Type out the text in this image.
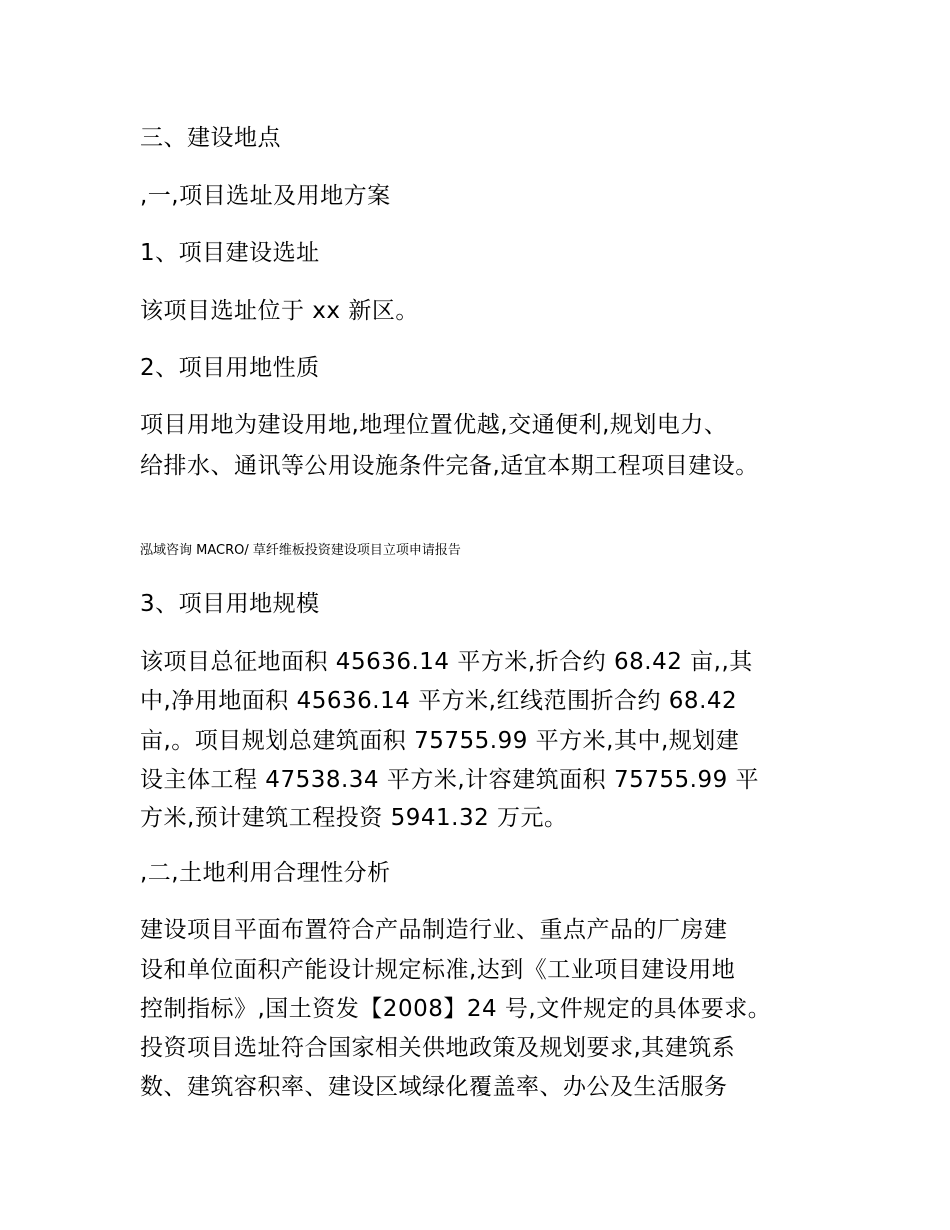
三、建设地点
,一,项目选址及用地方案
1、项目建设选址
该项目选址位于 xx 新区。
2、项目用地性质
项目用地为建设用地,地理位置优越,交通便利,规划电力、
给排水、通讯等公用设施条件完备,适宜本期工程项目建设。
泓域咨询 MACRO/ 草纤维板投资建设项目立项申请报告
3、项目用地规模
该项目总征地面积 45636.14 平方米,折合约 68.42 亩,,其
中,净用地面积 45636.14 平方米,红线范围折合约 68.42
亩,。项目规划总建筑面积 75755.99 平方米,其中,规划建
设主体工程 47538.34 平方米,计容建筑面积 75755.99 平
方米,预计建筑工程投资 5941.32 万元。
,二,土地利用合理性分析
建设项目平面布置符合产品制造行业、重点产品的厂房建
设和单位面积产能设计规定标准,达到《工业项目建设用地
控制指标》,国土资发【2008】24 号,文件规定的具体要求。
投资项目选址符合国家相关供地政策及规划要求,其建筑系
数、建筑容积率、建设区域绿化覆盖率、办公及生活服务
